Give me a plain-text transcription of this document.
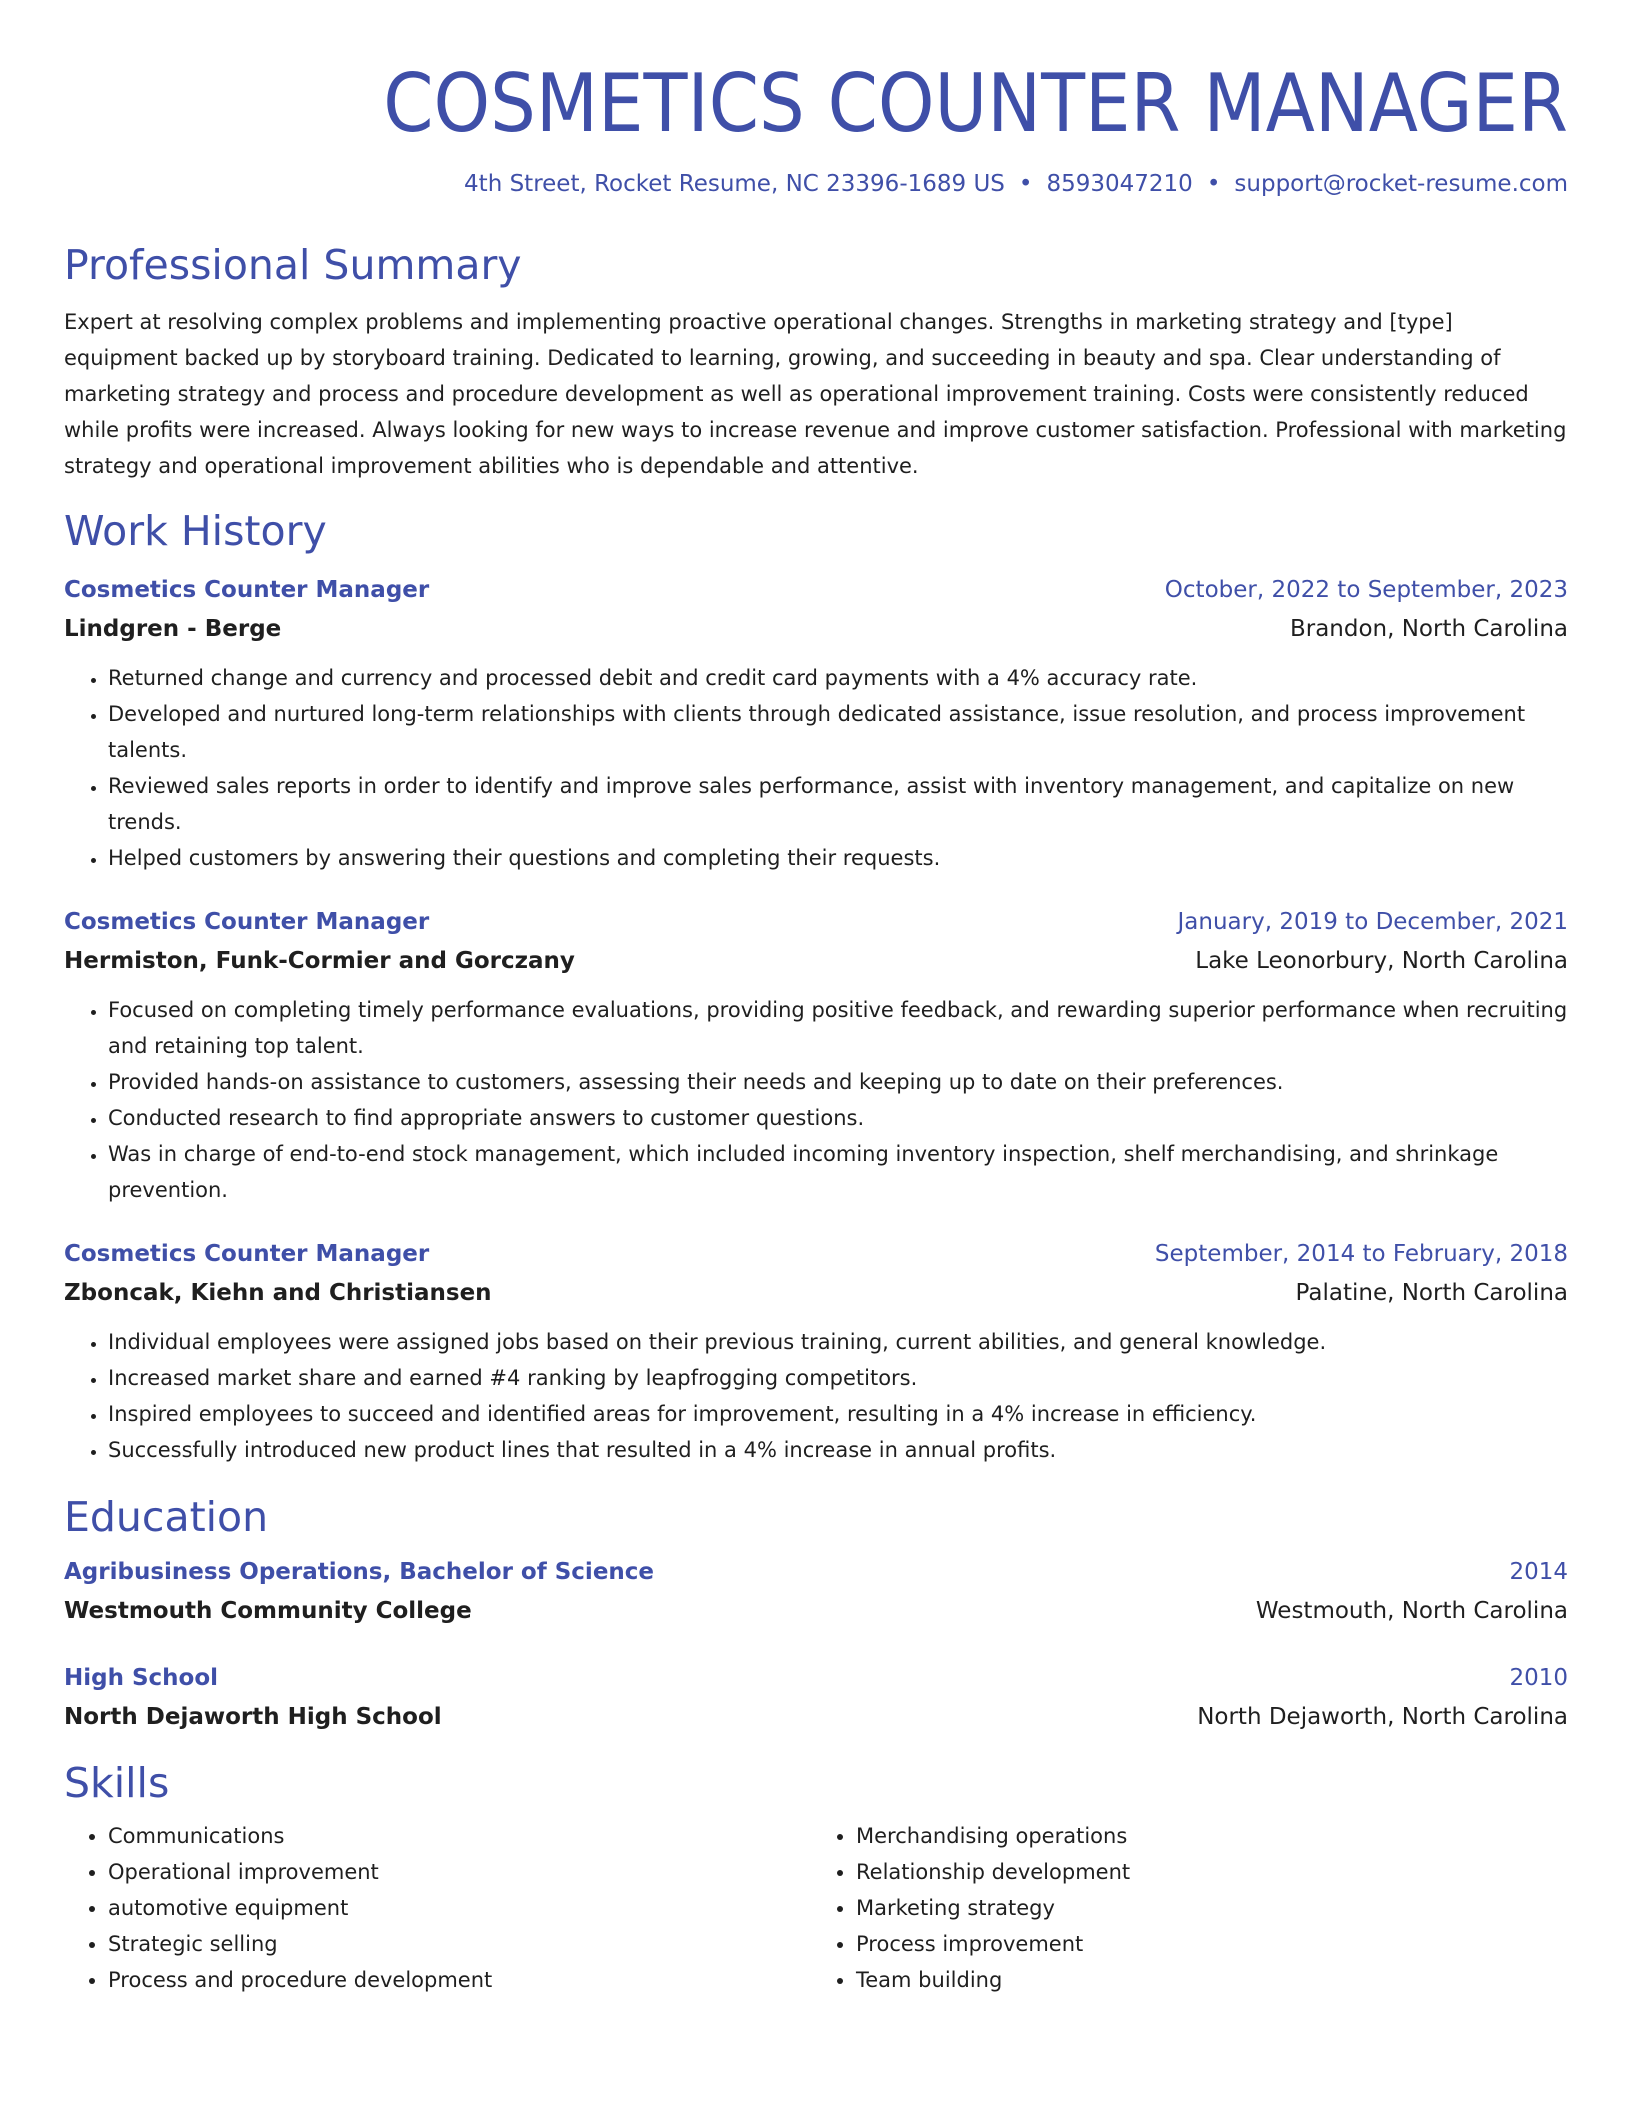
COSMETICS COUNTER MANAGER
4th Street, Rocket Resume, NC 23396-1689 US • 8593047210 • support@rocket-resume.com
Professional Summary
Expert at resolving complex problems and implementing proactive operational changes. Strengths in marketing strategy and [type] equipment backed up by storyboard training. Dedicated to learning, growing, and succeeding in beauty and spa. Clear understanding of marketing strategy and process and procedure development as well as operational improvement training. Costs were consistently reduced while profits were increased. Always looking for new ways to increase revenue and improve customer satisfaction. Professional with marketing strategy and operational improvement abilities who is dependable and attentive.
Work History
Cosmetics Counter Manager	October, 2022 to September, 2023
Lindgren - Berge	Brandon, North Carolina
• Returned change and currency and processed debit and credit card payments with a 4% accuracy rate.
• Developed and nurtured long-term relationships with clients through dedicated assistance, issue resolution, and process improvement talents.
• Reviewed sales reports in order to identify and improve sales performance, assist with inventory management, and capitalize on new trends.
• Helped customers by answering their questions and completing their requests.
Cosmetics Counter Manager	January, 2019 to December, 2021
Hermiston, Funk-Cormier and Gorczany	Lake Leonorbury, North Carolina
• Focused on completing timely performance evaluations, providing positive feedback, and rewarding superior performance when recruiting and retaining top talent.
• Provided hands-on assistance to customers, assessing their needs and keeping up to date on their preferences.
• Conducted research to find appropriate answers to customer questions.
• Was in charge of end-to-end stock management, which included incoming inventory inspection, shelf merchandising, and shrinkage prevention.
Cosmetics Counter Manager	September, 2014 to February, 2018
Zboncak, Kiehn and Christiansen	Palatine, North Carolina
• Individual employees were assigned jobs based on their previous training, current abilities, and general knowledge.
• Increased market share and earned #4 ranking by leapfrogging competitors.
• Inspired employees to succeed and identified areas for improvement, resulting in a 4% increase in efficiency.
• Successfully introduced new product lines that resulted in a 4% increase in annual profits.
Education
Agribusiness Operations, Bachelor of Science	2014
Westmouth Community College	Westmouth, North Carolina
High School	2010
North Dejaworth High School	North Dejaworth, North Carolina
Skills
• Communications
• Operational improvement
• automotive equipment
• Strategic selling
• Process and procedure development
• Merchandising operations
• Relationship development
• Marketing strategy
• Process improvement
• Team building
